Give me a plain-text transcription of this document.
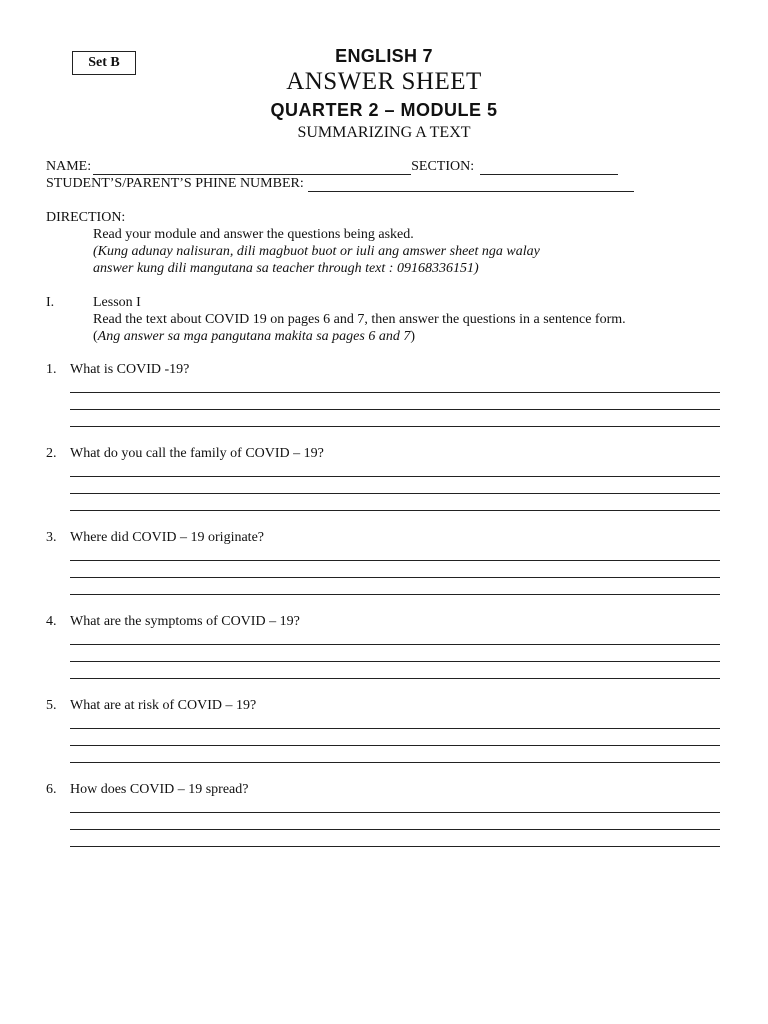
Set B	ENGLISH 7
ANSWER SHEET
QUARTER 2 – MODULE 5
SUMMARIZING A TEXT
NAME:	SECTION:
STUDENT’S/PARENT’S PHINE NUMBER:
DIRECTION:
Read your module and answer the questions being asked.
(Kung adunay nalisuran, dili magbuot buot or iuli ang amswer sheet nga walay
answer kung dili mangutana sa teacher through text : 09168336151)
I.	Lesson I
Read the text about COVID 19 on pages 6 and 7, then answer the questions in a sentence form.
(Ang answer sa mga pangutana makita sa pages 6 and 7)
1. What is COVID -19?
2. What do you call the family of COVID – 19?
3. Where did COVID – 19 originate?
4. What are the symptoms of COVID – 19?
5. What are at risk of COVID – 19?
6. How does COVID – 19 spread?
